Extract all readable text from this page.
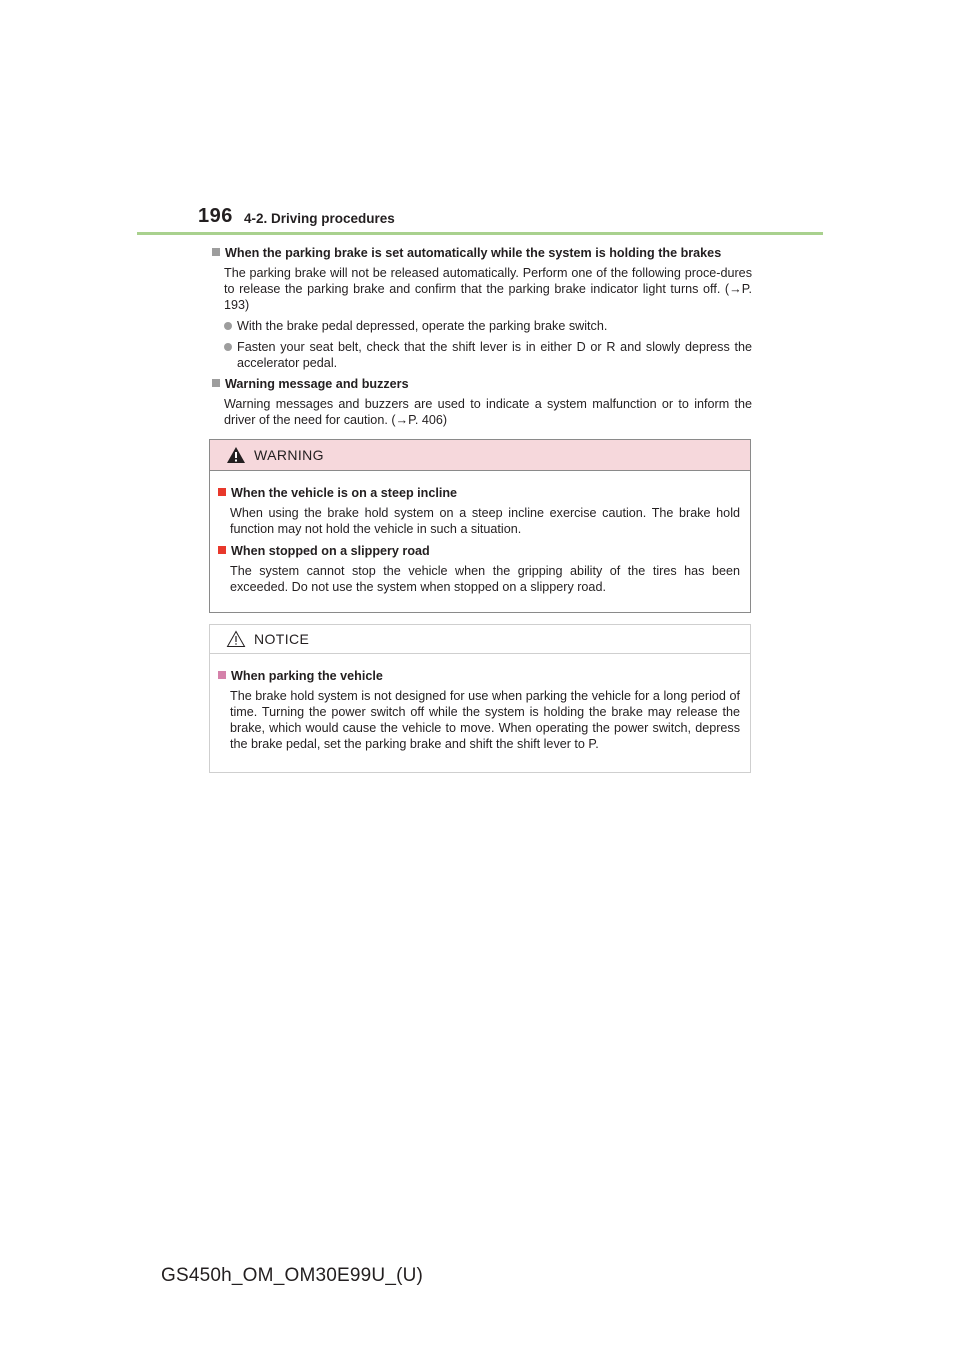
196 4-2. Driving procedures
When the parking brake is set automatically while the system is holding the brakes
The parking brake will not be released automatically. Perform one of the following proce-dures to release the parking brake and confirm that the parking brake indicator light turns off. (→P. 193)
With the brake pedal depressed, operate the parking brake switch.
Fasten your seat belt, check that the shift lever is in either D or R and slowly depress the accelerator pedal.
Warning message and buzzers
Warning messages and buzzers are used to indicate a system malfunction or to inform the driver of the need for caution. (→P. 406)
WARNING
When the vehicle is on a steep incline
When using the brake hold system on a steep incline exercise caution. The brake hold function may not hold the vehicle in such a situation.
When stopped on a slippery road
The system cannot stop the vehicle when the gripping ability of the tires has been exceeded. Do not use the system when stopped on a slippery road.
NOTICE
When parking the vehicle
The brake hold system is not designed for use when parking the vehicle for a long period of time. Turning the power switch off while the system is holding the brake may release the brake, which would cause the vehicle to move. When operating the power switch, depress the brake pedal, set the parking brake and shift the shift lever to P.
GS450h_OM_OM30E99U_(U)
